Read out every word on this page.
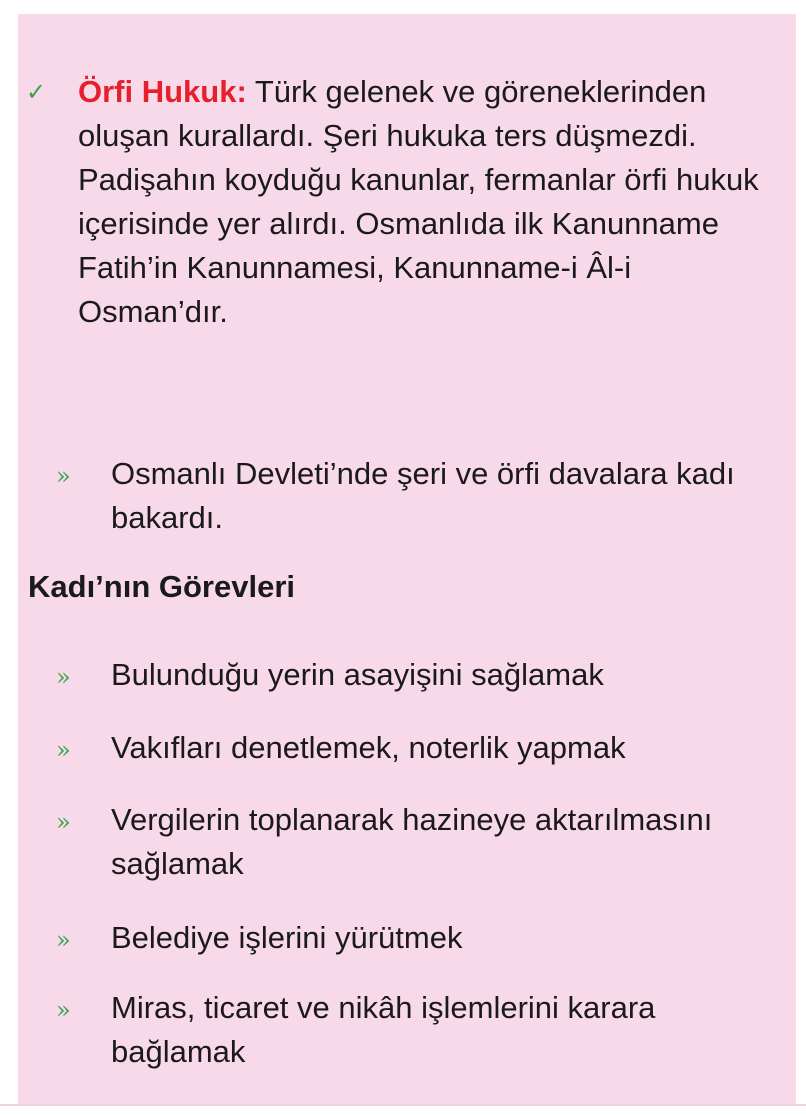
✓ Örfi Hukuk: Türk gelenek ve göreneklerinden oluşan kurallardı. Şeri hukuka ters düşmezdi. Padişahın koyduğu kanunlar, fermanlar örfi hukuk içerisinde yer alırdı. Osmanlıda ilk Kanunname Fatih’in Kanunnamesi, Kanunname-i Âl-i Osman’dır.
» Osmanlı Devleti’nde şeri ve örfi davalara kadı bakardı.
Kadı’nın Görevleri
» Bulunduğu yerin asayişini sağlamak
» Vakıfları denetlemek, noterlik yapmak
» Vergilerin toplanarak hazineye aktarılmasını sağlamak
» Belediye işlerini yürütmek
» Miras, ticaret ve nikâh işlemlerini karara bağlamak
